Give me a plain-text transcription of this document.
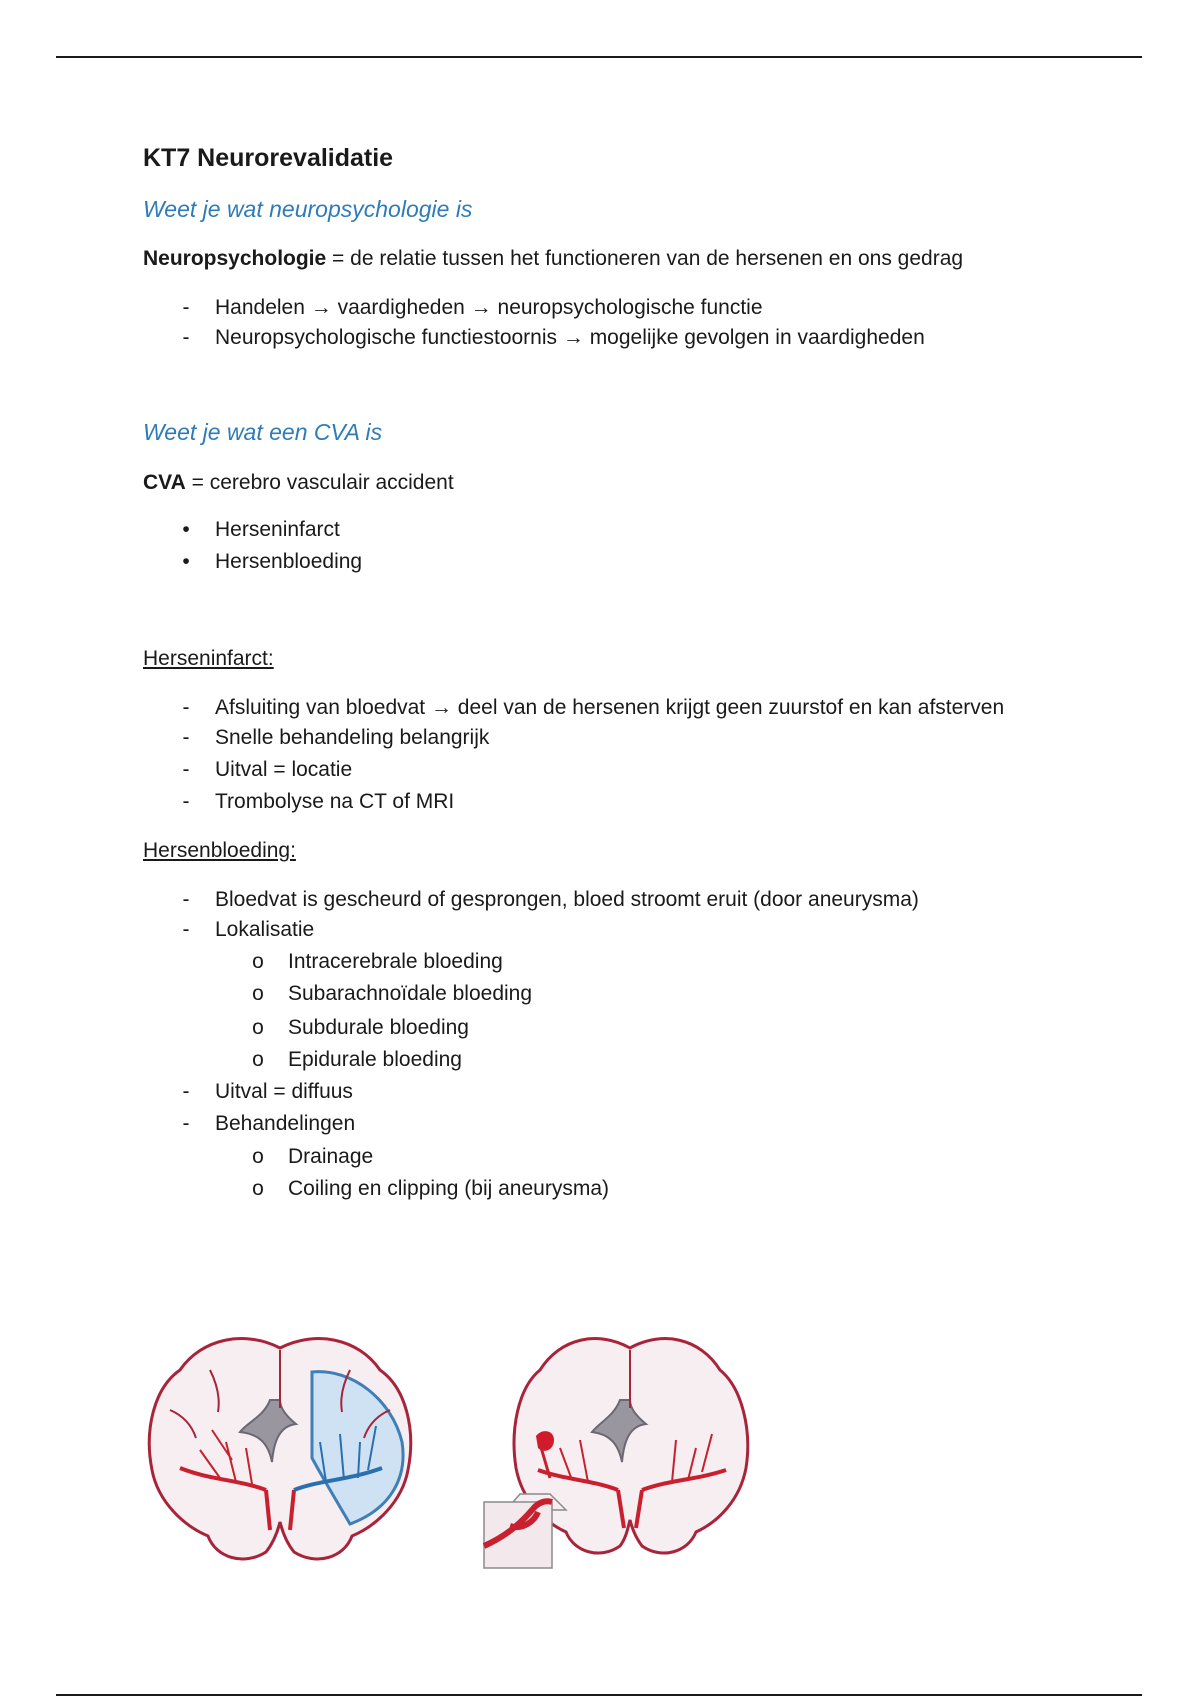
KT7 Neurorevalidatie
Weet je wat neuropsychologie is
Neuropsychologie = de relatie tussen het functioneren van de hersenen en ons gedrag
- Handelen → vaardigheden → neuropsychologische functie
- Neuropsychologische functiestoornis → mogelijke gevolgen in vaardigheden
Weet je wat een CVA is
CVA = cerebro vasculair accident
• Herseninfarct
• Hersenbloeding
Herseninfarct:
- Afsluiting van bloedvat → deel van de hersenen krijgt geen zuurstof en kan afsterven
- Snelle behandeling belangrijk
- Uitval = locatie
- Trombolyse na CT of MRI
Hersenbloeding:
- Bloedvat is gescheurd of gesprongen, bloed stroomt eruit (door aneurysma)
- Lokalisatie
o Intracerebrale bloeding
o Subarachnoïdale bloeding
o Subdurale bloeding
o Epidurale bloeding
- Uitval = diffuus
- Behandelingen
o Drainage
o Coiling en clipping (bij aneurysma)
